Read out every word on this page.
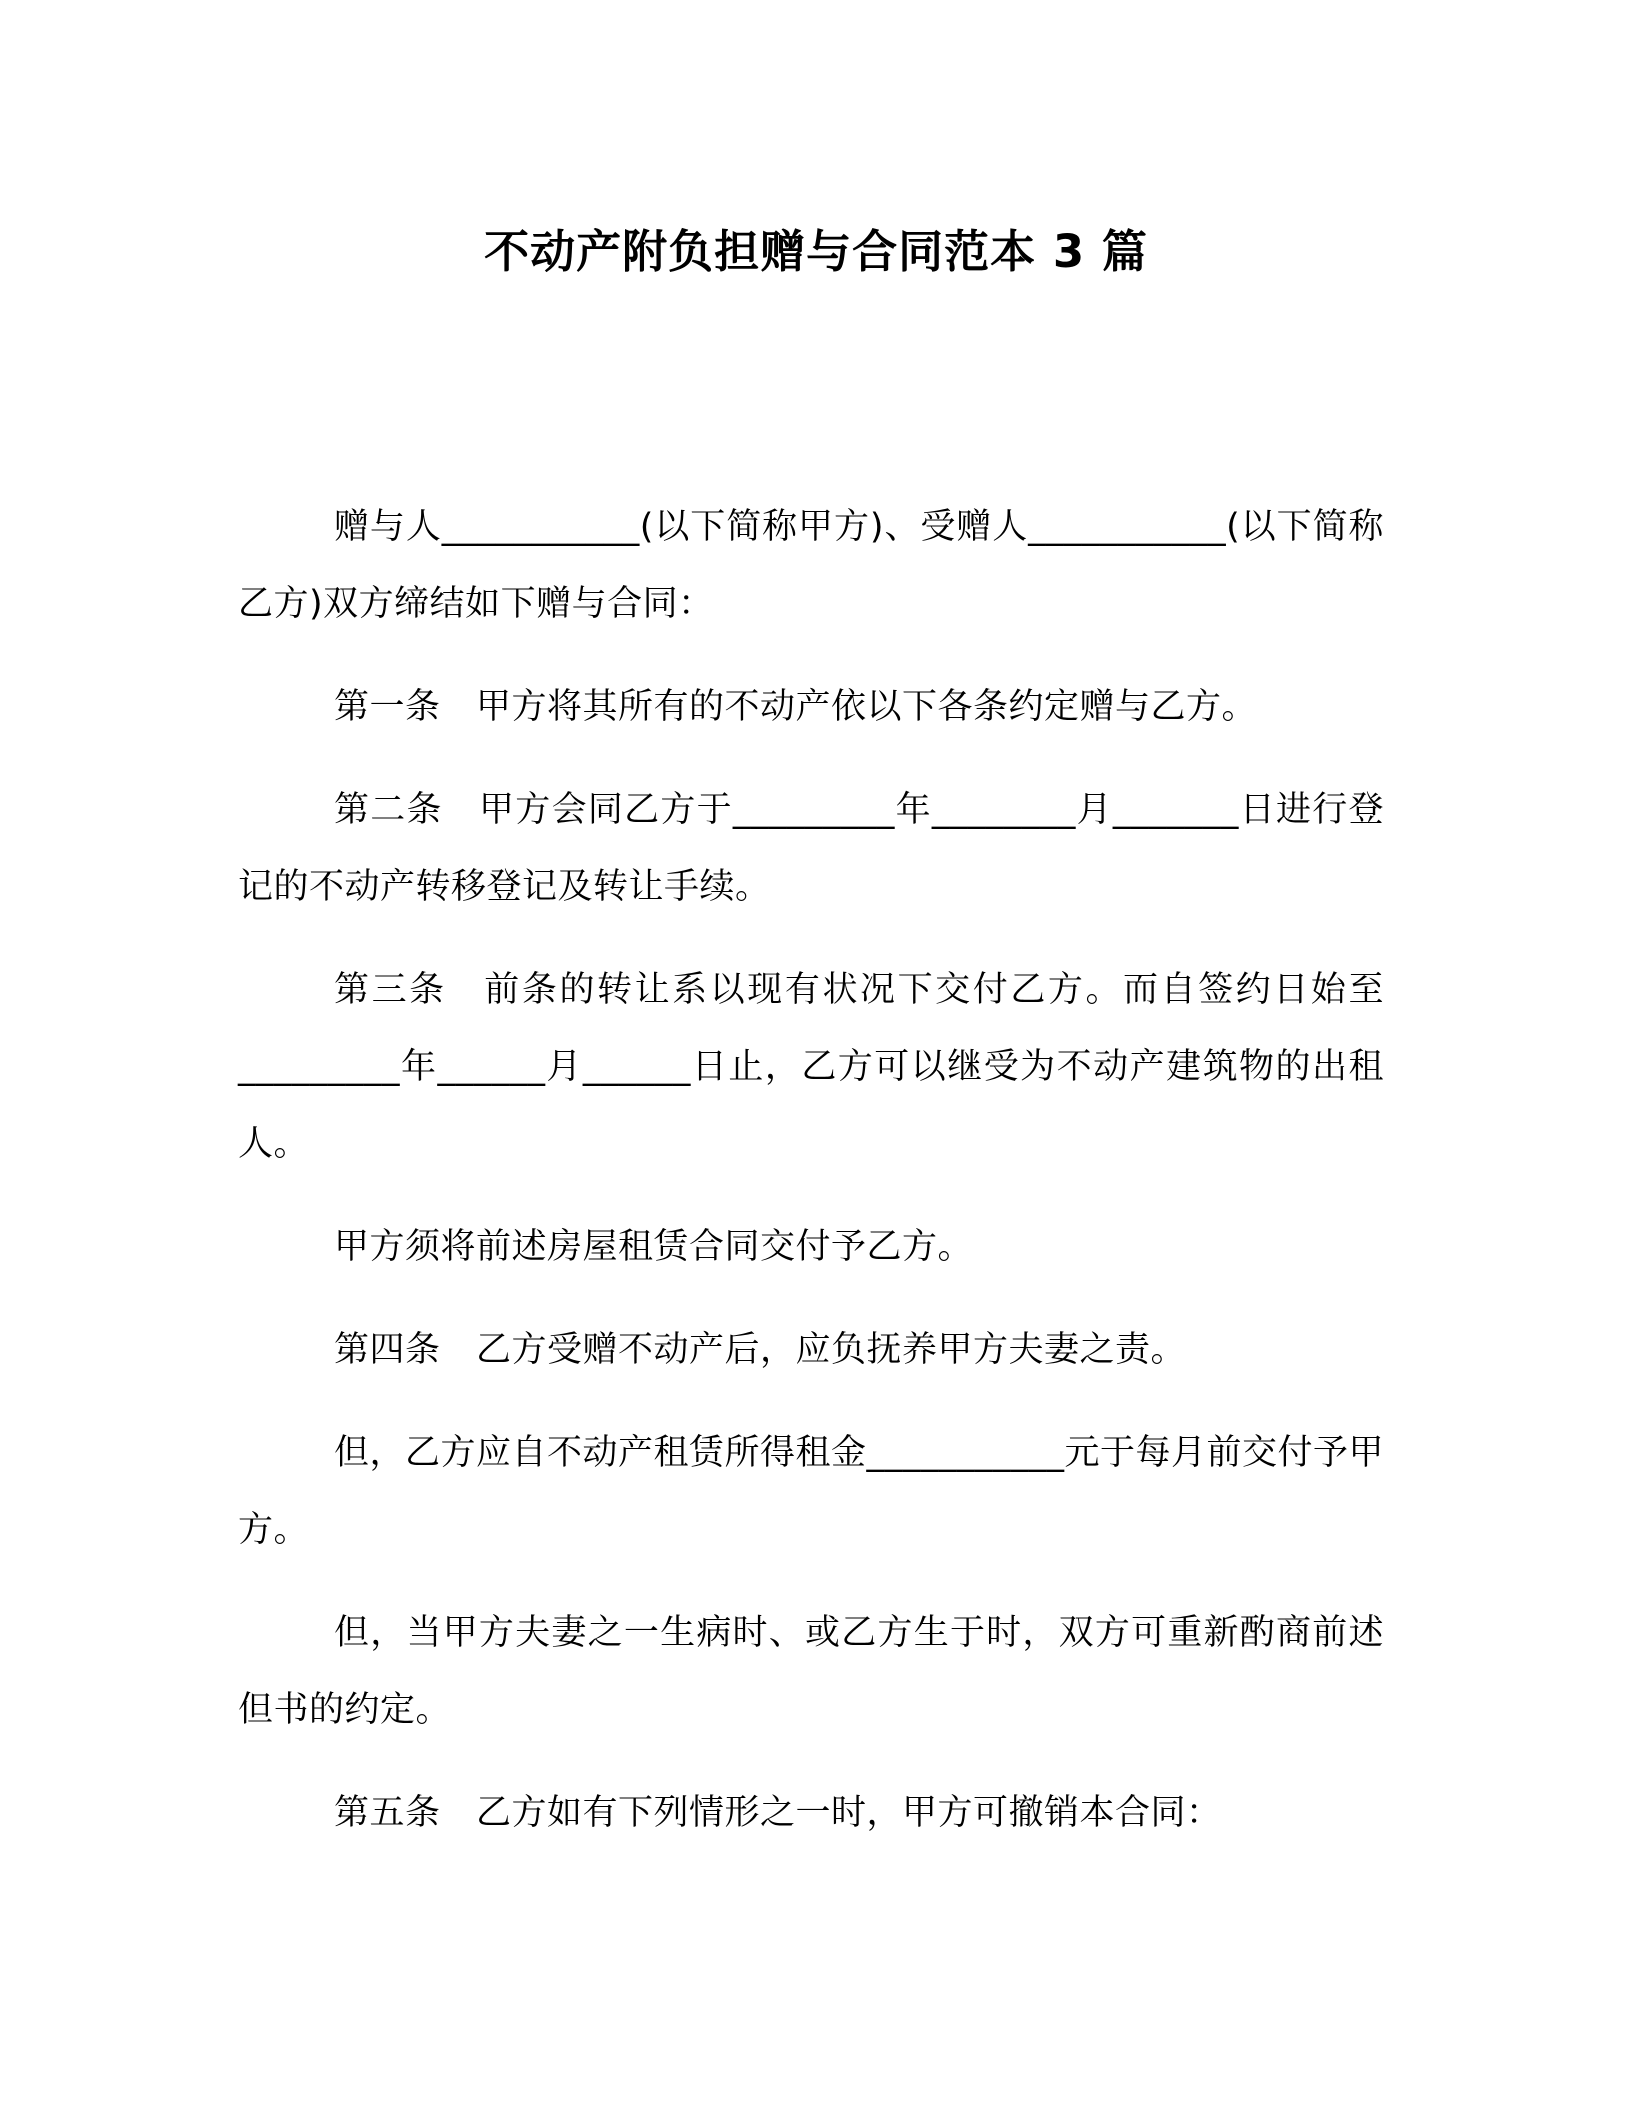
不动产附负担赠与合同范本 3 篇

赠与人___________(以下简称甲方)、受赠人___________(以下简称乙方)双方缔结如下赠与合同：

第一条　甲方将其所有的不动产依以下各条约定赠与乙方。

第二条　甲方会同乙方于_________年________月_______日进行登记的不动产转移登记及转让手续。

第三条　前条的转让系以现有状况下交付乙方。而自签约日始至_________年______月______日止，乙方可以继受为不动产建筑物的出租人。

甲方须将前述房屋租赁合同交付予乙方。

第四条　乙方受赠不动产后，应负抚养甲方夫妻之责。

但，乙方应自不动产租赁所得租金___________元于每月前交付予甲方。

但，当甲方夫妻之一生病时、或乙方生于时，双方可重新酌商前述但书的约定。

第五条　乙方如有下列情形之一时，甲方可撤销本合同：
